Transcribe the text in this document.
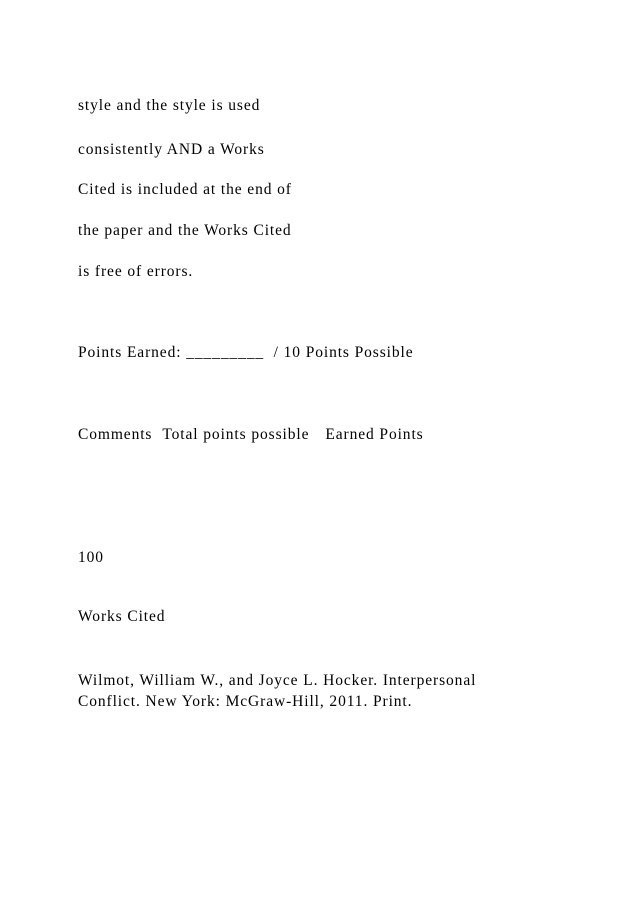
style and the style is used

consistently AND a Works

Cited is included at the end of

the paper and the Works Cited

is free of errors.

Points Earned: _________ / 10 Points Possible

Comments Total points possible Earned Points

100

Works Cited

Wilmot, William W., and Joyce L. Hocker. Interpersonal
Conflict. New York: McGraw-Hill, 2011. Print.
